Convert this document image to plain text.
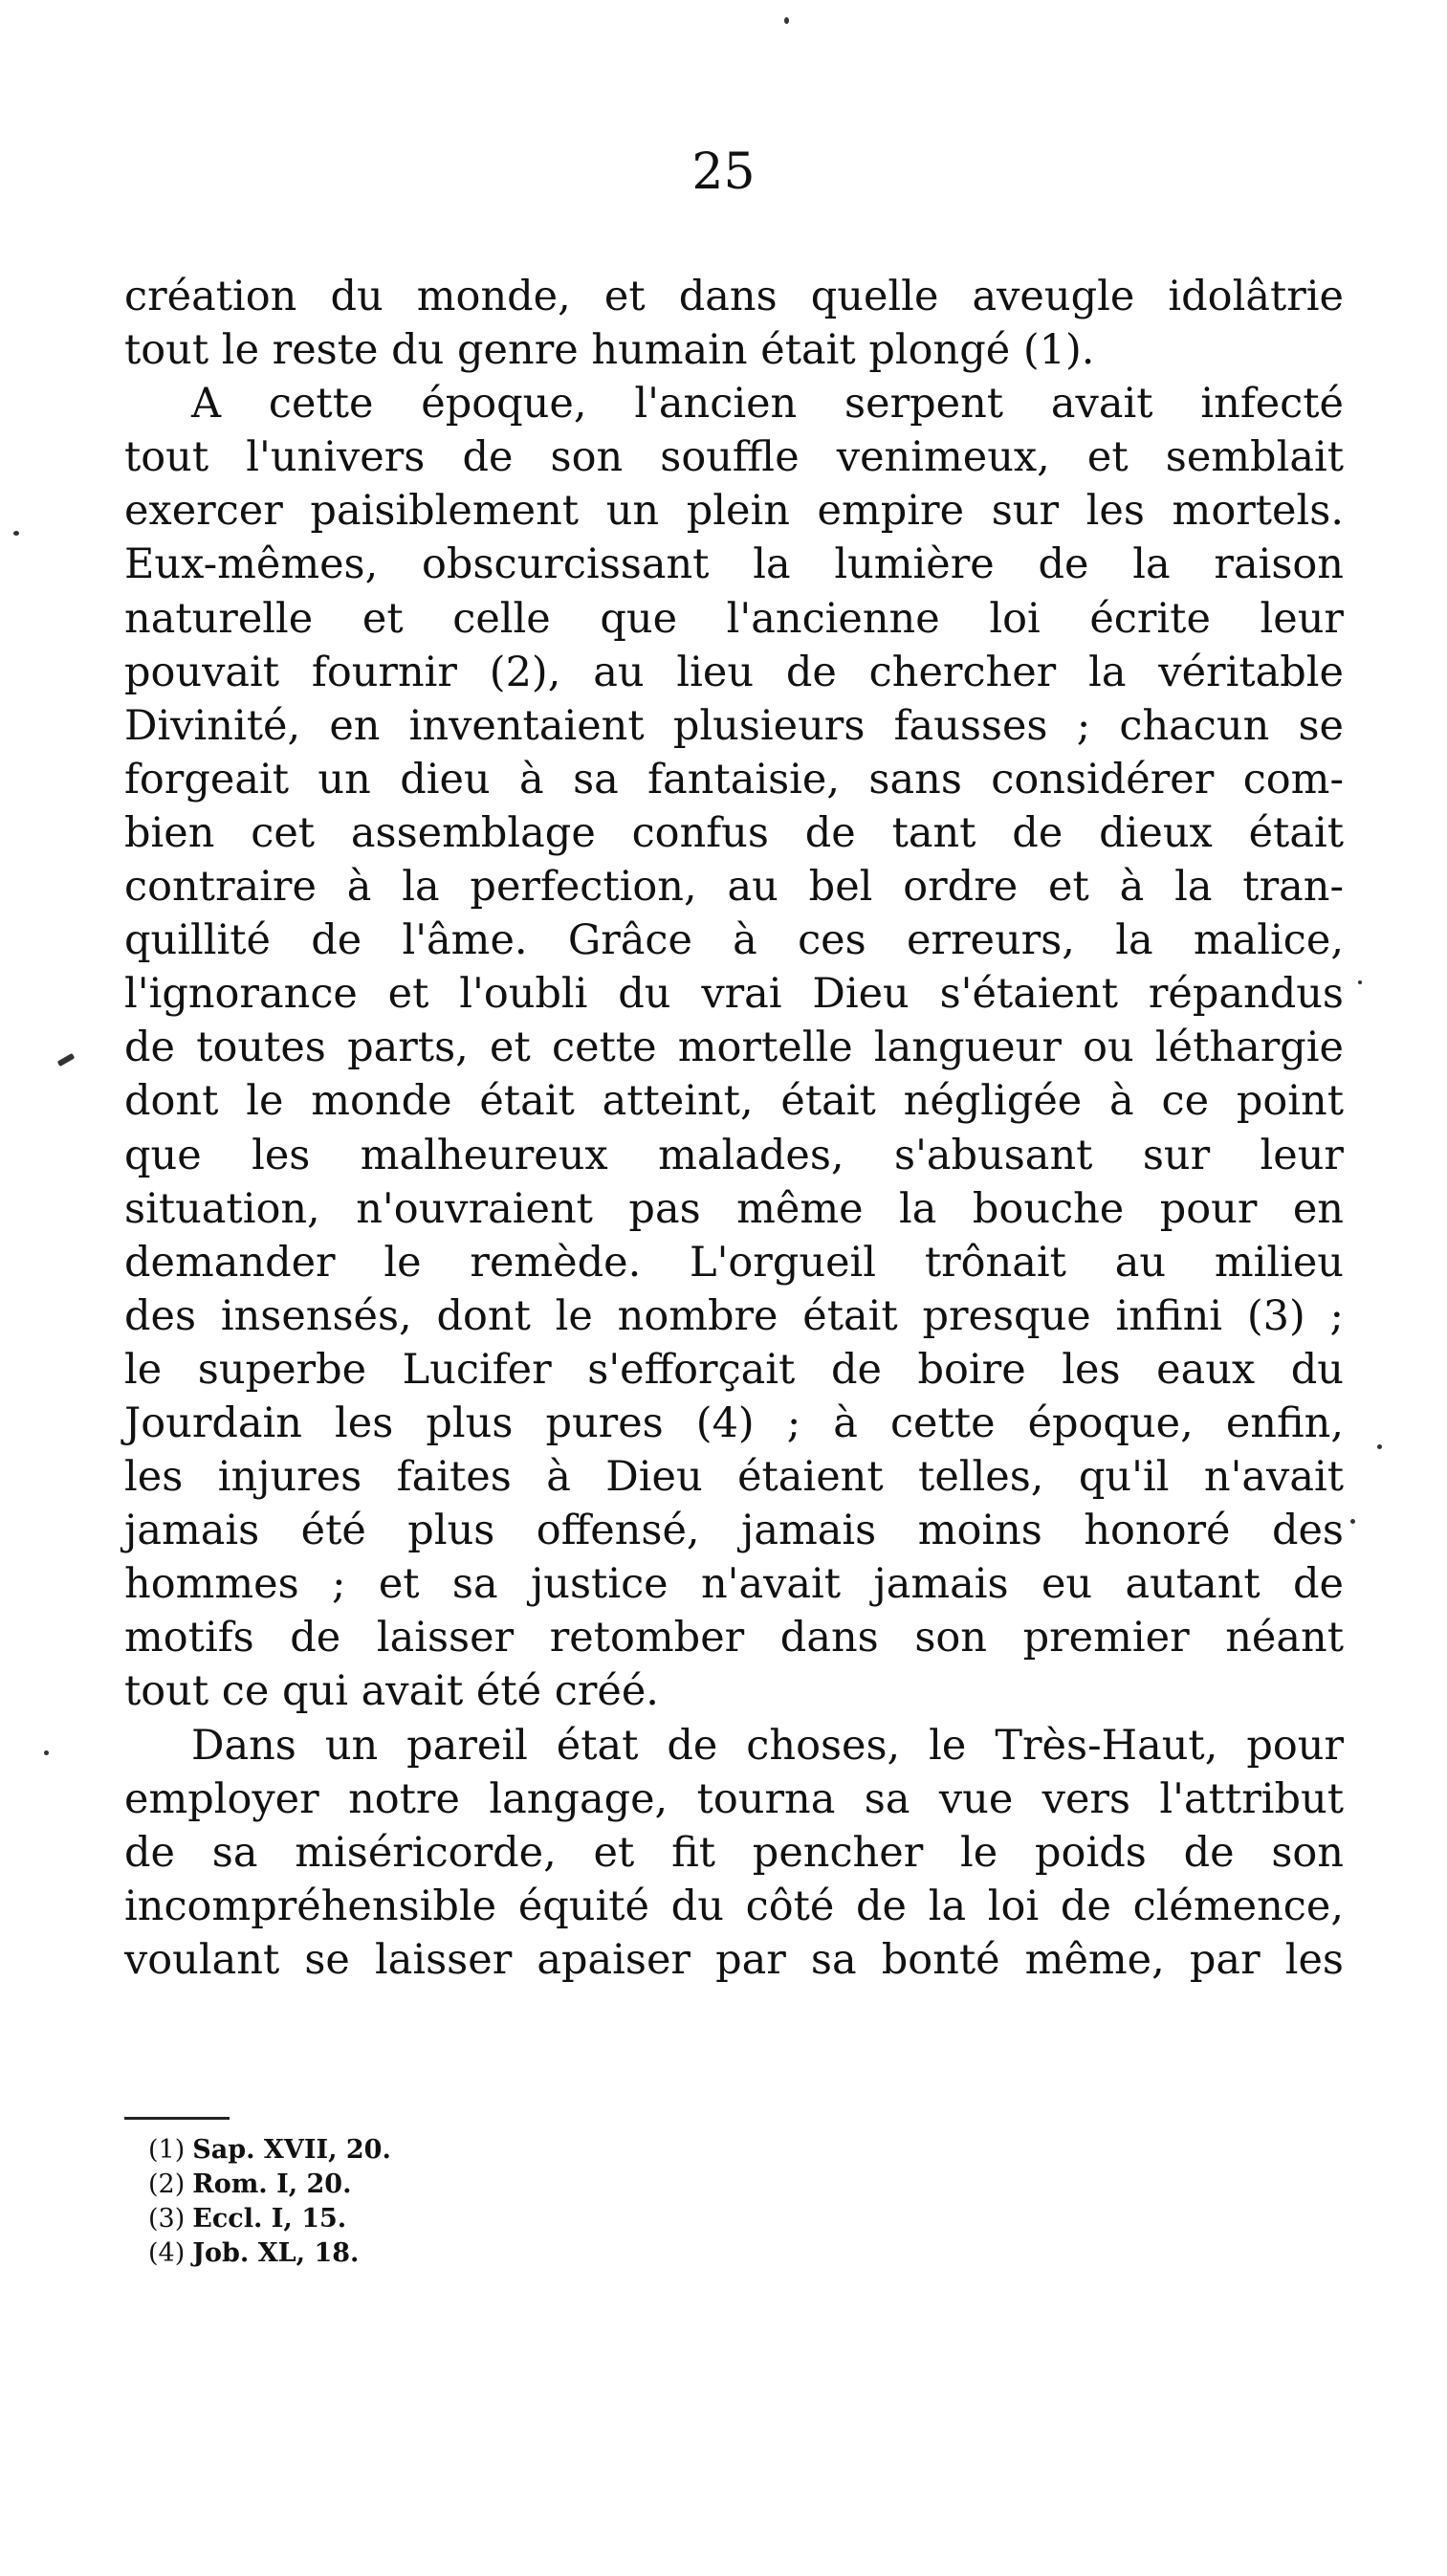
25
création du monde, et dans quelle aveugle idolâtrie
tout le reste du genre humain était plongé (1).
A cette époque, l'ancien serpent avait infecté
tout l'univers de son souffle venimeux, et semblait
exercer paisiblement un plein empire sur les mortels.
Eux-mêmes, obscurcissant la lumière de la raison
naturelle et celle que l'ancienne loi écrite leur
pouvait fournir (2), au lieu de chercher la véritable
Divinité, en inventaient plusieurs fausses ; chacun se
forgeait un dieu à sa fantaisie, sans considérer com-
bien cet assemblage confus de tant de dieux était
contraire à la perfection, au bel ordre et à la tran-
quillité de l'âme. Grâce à ces erreurs, la malice,
l'ignorance et l'oubli du vrai Dieu s'étaient répandus
de toutes parts, et cette mortelle langueur ou léthargie
dont le monde était atteint, était négligée à ce point
que les malheureux malades, s'abusant sur leur
situation, n'ouvraient pas même la bouche pour en
demander le remède. L'orgueil trônait au milieu
des insensés, dont le nombre était presque infini (3) ;
le superbe Lucifer s'efforçait de boire les eaux du
Jourdain les plus pures (4) ; à cette époque, enfin,
les injures faites à Dieu étaient telles, qu'il n'avait
jamais été plus offensé, jamais moins honoré des
hommes ; et sa justice n'avait jamais eu autant de
motifs de laisser retomber dans son premier néant
tout ce qui avait été créé.
Dans un pareil état de choses, le Très-Haut, pour
employer notre langage, tourna sa vue vers l'attribut
de sa miséricorde, et fit pencher le poids de son
incompréhensible équité du côté de la loi de clémence,
voulant se laisser apaiser par sa bonté même, par les
(1) Sap. XVII, 20.
(2) Rom. I, 20.
(3) Eccl. I, 15.
(4) Job. XL, 18.
